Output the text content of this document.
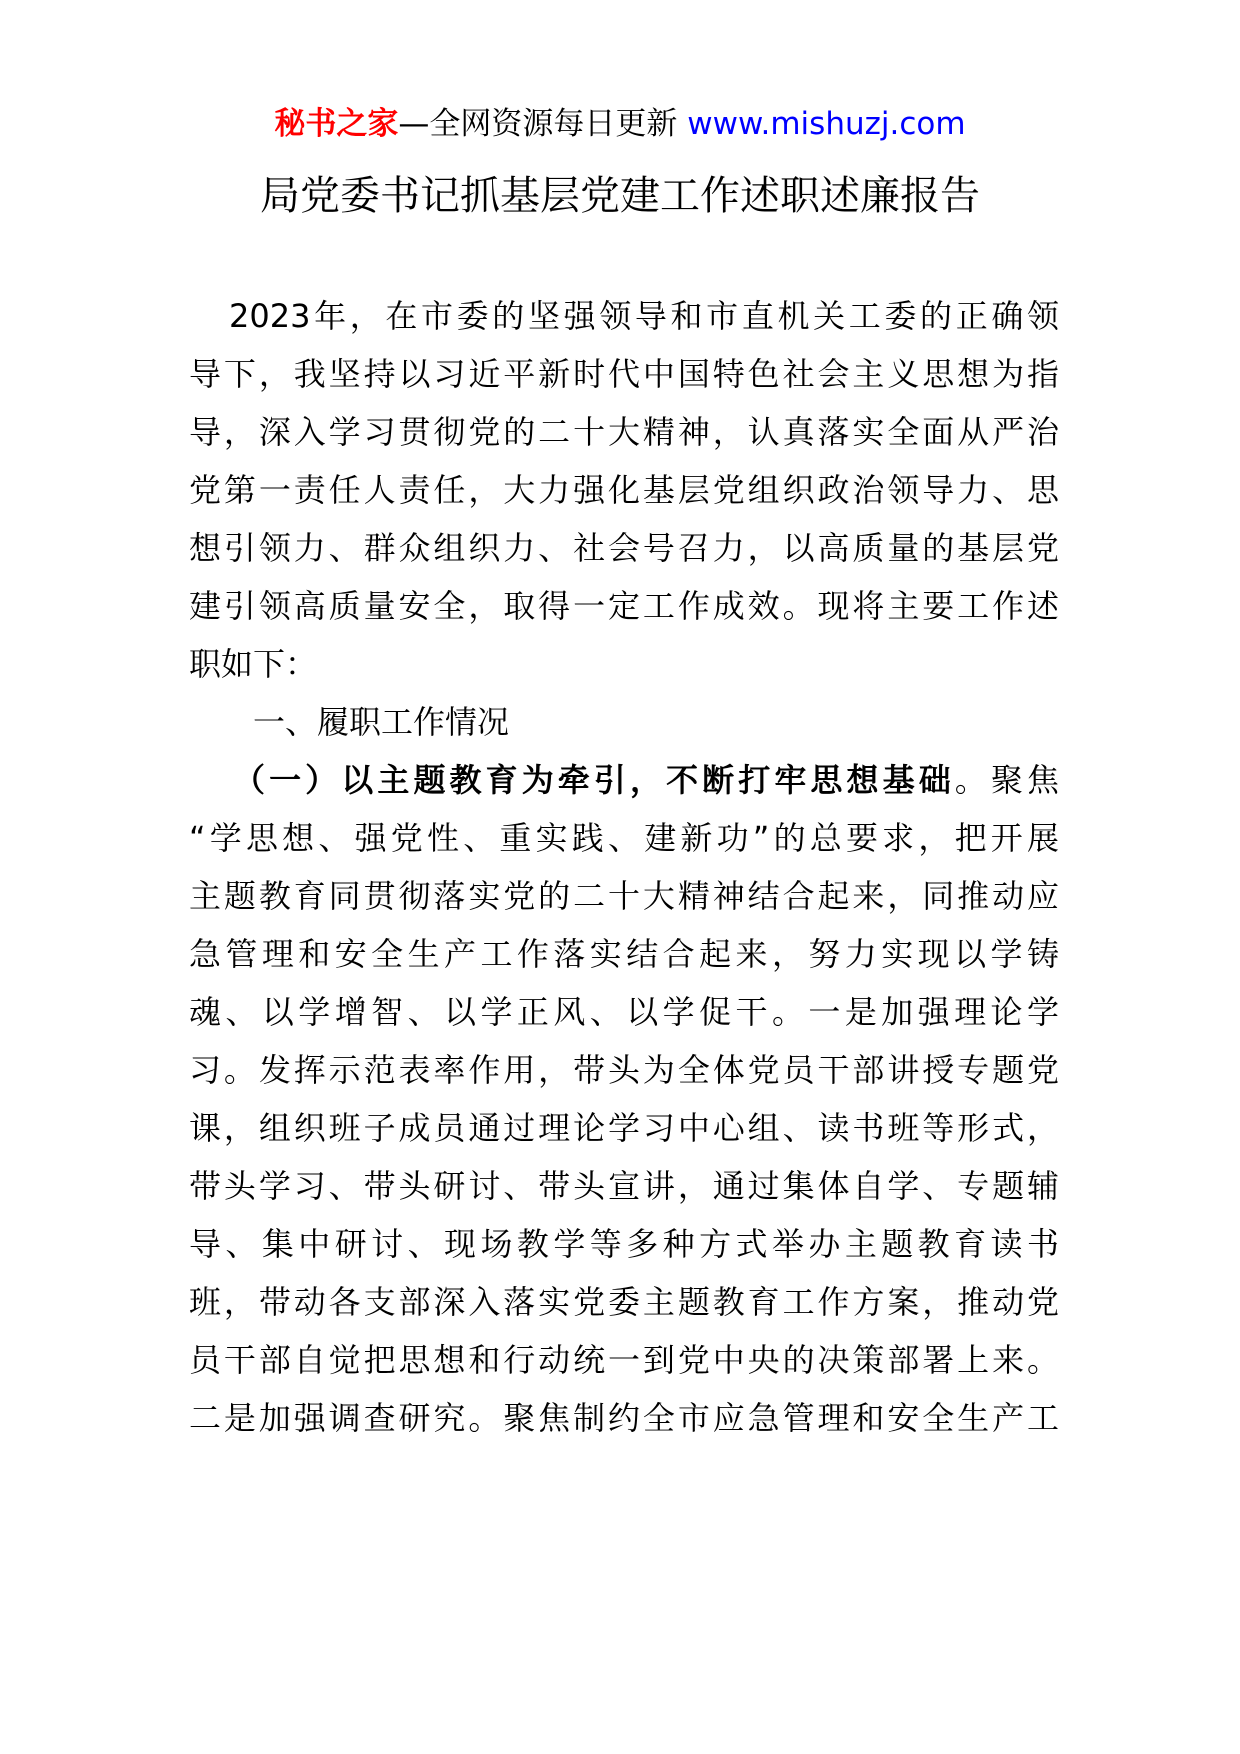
秘书之家—全网资源每日更新 www.mishuzj.com
局党委书记抓基层党建工作述职述廉报告
2023年，在市委的坚强领导和市直机关工委的正确领
导下，我坚持以习近平新时代中国特色社会主义思想为指
导，深入学习贯彻党的二十大精神，认真落实全面从严治
党第一责任人责任，大力强化基层党组织政治领导力、思
想引领力、群众组织力、社会号召力，以高质量的基层党
建引领高质量安全，取得一定工作成效。现将主要工作述
职如下：
一、履职工作情况
（一）以主题教育为牵引，不断打牢思想基础。聚焦
“学思想、强党性、重实践、建新功”的总要求，把开展
主题教育同贯彻落实党的二十大精神结合起来，同推动应
急管理和安全生产工作落实结合起来，努力实现以学铸
魂、以学增智、以学正风、以学促干。一是加强理论学
习。发挥示范表率作用，带头为全体党员干部讲授专题党
课，组织班子成员通过理论学习中心组、读书班等形式，
带头学习、带头研讨、带头宣讲，通过集体自学、专题辅
导、集中研讨、现场教学等多种方式举办主题教育读书
班，带动各支部深入落实党委主题教育工作方案，推动党
员干部自觉把思想和行动统一到党中央的决策部署上来。
二是加强调查研究。聚焦制约全市应急管理和安全生产工
